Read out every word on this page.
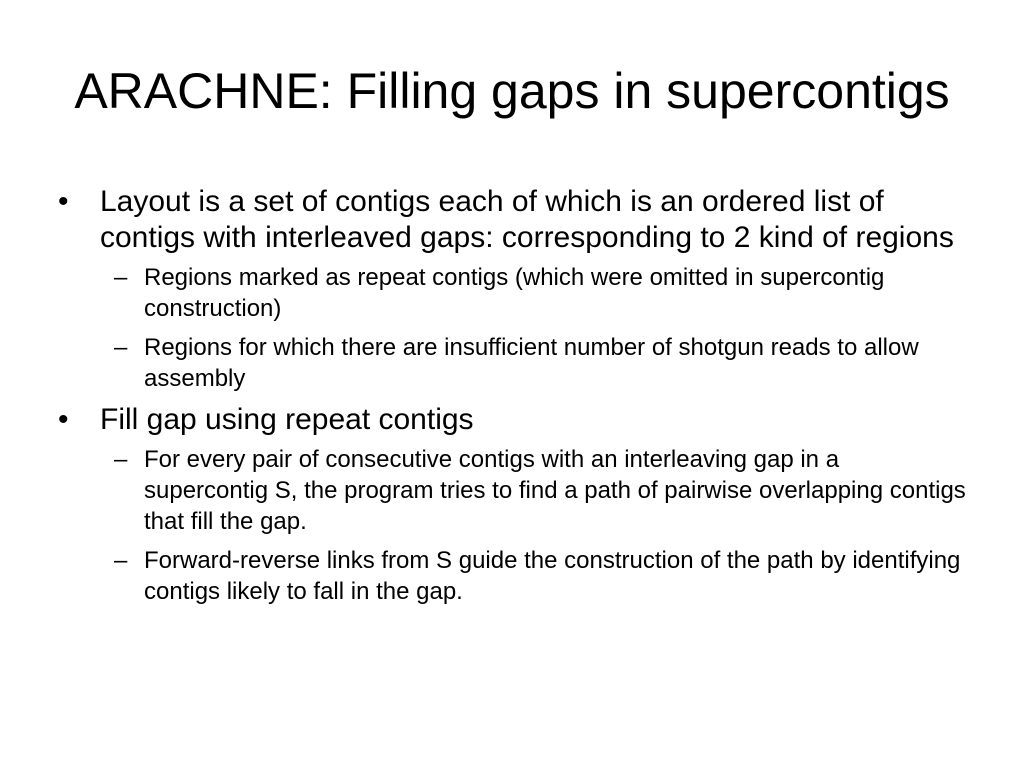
ARACHNE: Filling gaps in supercontigs
•	Layout is a set of contigs each of which is an ordered list of contigs with interleaved gaps: corresponding to 2 kind of regions
– Regions marked as repeat contigs (which were omitted in supercontig construction)
– Regions for which there are insufficient number of shotgun reads to allow assembly
•	Fill gap using repeat contigs
– For every pair of consecutive contigs with an interleaving gap in a supercontig S, the program tries to find a path of pairwise overlapping contigs that fill the gap.
– Forward-reverse links from S guide the construction of the path by identifying contigs likely to fall in the gap.
